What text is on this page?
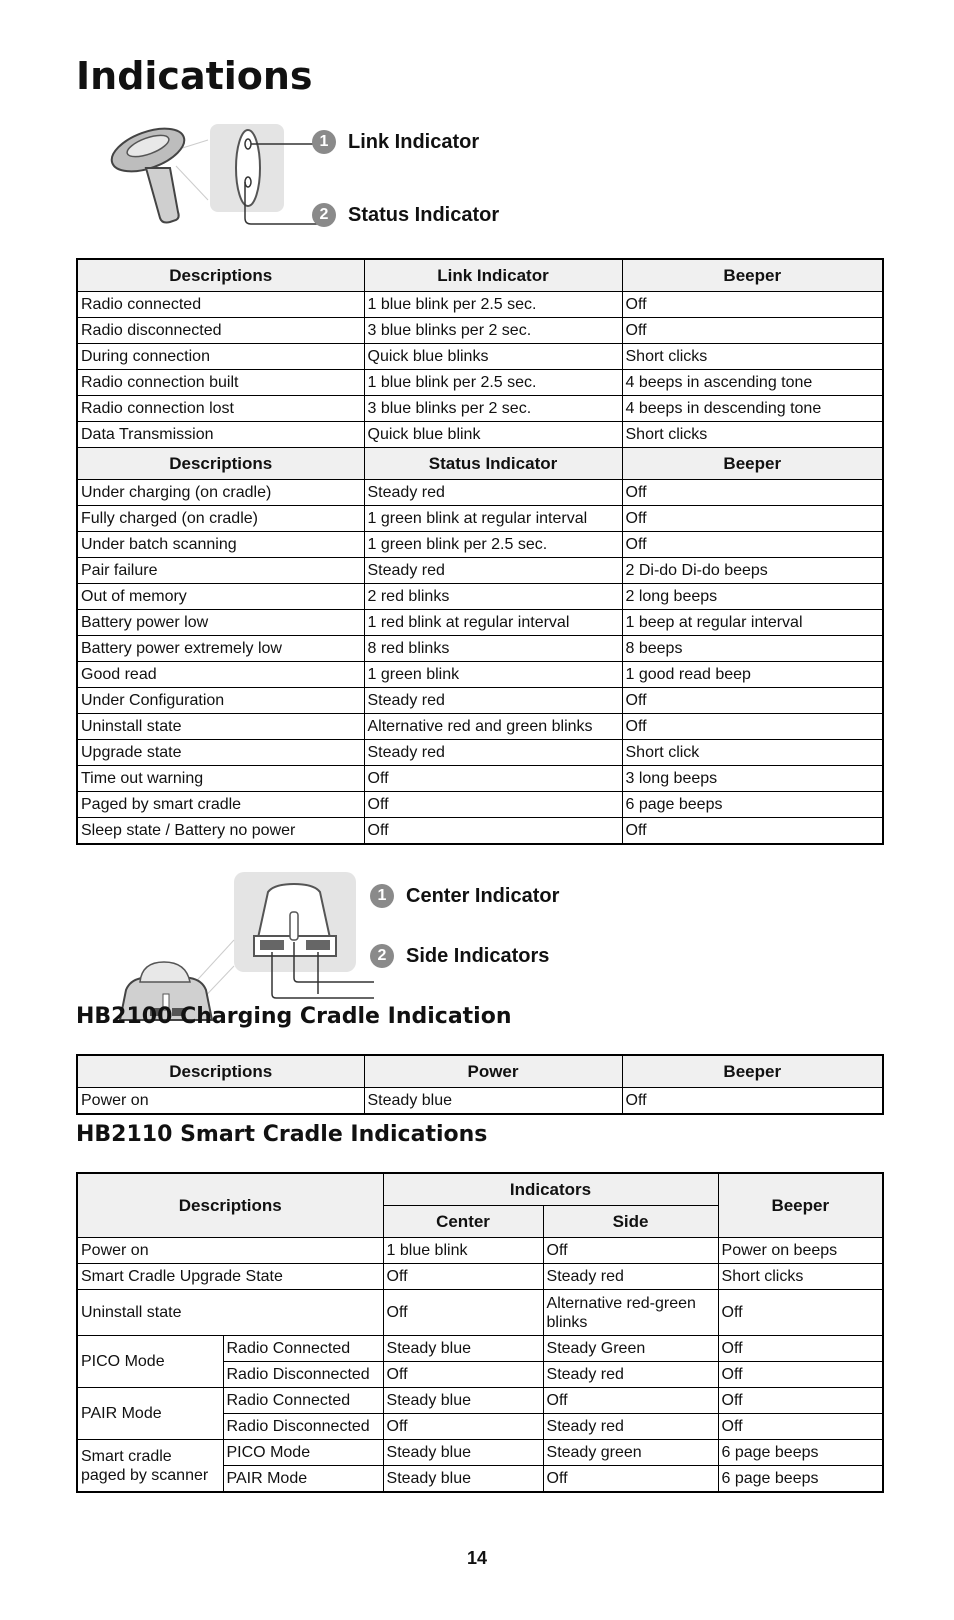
Indications
1 Link Indicator
2 Status Indicator
Descriptions	Link Indicator	Beeper
Radio connected	1 blue blink per 2.5 sec.	Off
Radio disconnected	3 blue blinks per 2 sec.	Off
During connection	Quick blue blinks	Short clicks
Radio connection built	1 blue blink per 2.5 sec.	4 beeps in ascending tone
Radio connection lost	3 blue blinks per 2 sec.	4 beeps in descending tone
Data Transmission	Quick blue blink	Short clicks
Descriptions	Status Indicator	Beeper
Under charging (on cradle)	Steady red	Off
Fully charged (on cradle)	1 green blink at regular interval	Off
Under batch scanning	1 green blink per 2.5 sec.	Off
Pair failure	Steady red	2 Di-do Di-do beeps
Out of memory	2 red blinks	2 long beeps
Battery power low	1 red blink at regular interval	1 beep at regular interval
Battery power extremely low	8 red blinks	8 beeps
Good read	1 green blink	1 good read beep
Under Configuration	Steady red	Off
Uninstall state	Alternative red and green blinks	Off
Upgrade state	Steady red	Short click
Time out warning	Off	3 long beeps
Paged by smart cradle	Off	6 page beeps
Sleep state / Battery no power	Off	Off
1 Center Indicator
2 Side Indicators
HB2100 Charging Cradle Indication
Descriptions	Power	Beeper
Power on	Steady blue	Off
HB2110 Smart Cradle Indications
Descriptions		Indicators		Beeper
		Center	Side	
Power on		1 blue blink	Off	Power on beeps
Smart Cradle Upgrade State		Off	Steady red	Short clicks
Uninstall state		Off	Alternative red-green blinks	Off
PICO Mode	Radio Connected	Steady blue	Steady Green	Off
	Radio Disconnected	Off	Steady red	Off
PAIR Mode	Radio Connected	Steady blue	Off	Off
	Radio Disconnected	Off	Steady red	Off
Smart cradle paged by scanner	PICO Mode	Steady blue	Steady green	6 page beeps
	PAIR Mode	Steady blue	Off	6 page beeps

14
